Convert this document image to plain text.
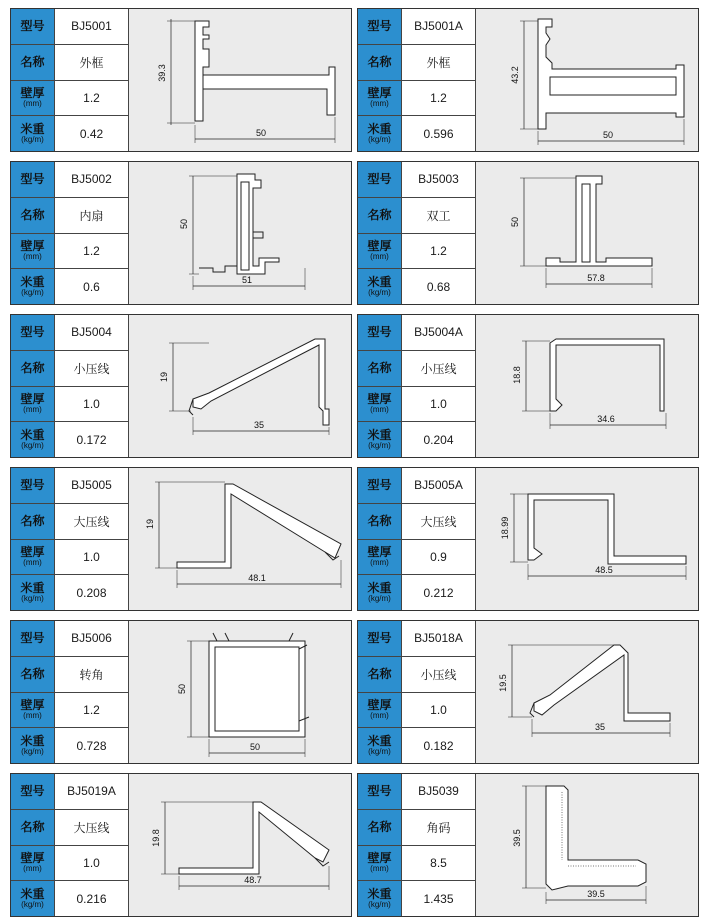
型号	BJ5001
名称	外框
壁厚
(mm)	1.2
米重
(kg/m)	0.42
39.3
50
型号	BJ5001A
名称	外框
壁厚
(mm)	1.2
米重
(kg/m)	0.596
43.2
50
型号	BJ5002
名称	内扇
壁厚
(mm)	1.2
米重
(kg/m)	0.6
50
51
型号	BJ5003
名称	双工
壁厚
(mm)	1.2
米重
(kg/m)	0.68
50
57.8
型号	BJ5004
名称	小压线
壁厚
(mm)	1.0
米重
(kg/m)	0.172
19
35
型号	BJ5004A
名称	小压线
壁厚
(mm)	1.0
米重
(kg/m)	0.204
18.8
34.6
型号	BJ5005
名称	大压线
壁厚
(mm)	1.0
米重
(kg/m)	0.208
19
48.1
型号	BJ5005A
名称	大压线
壁厚
(mm)	0.9
米重
(kg/m)	0.212
18.99
48.5
型号	BJ5006
名称	转角
壁厚
(mm)	1.2
米重
(kg/m)	0.728
50
50
型号	BJ5018A
名称	小压线
壁厚
(mm)	1.0
米重
(kg/m)	0.182
19.5
35
型号	BJ5019A
名称	大压线
壁厚
(mm)	1.0
米重
(kg/m)	0.216
19.8
48.7
型号	BJ5039
名称	角码
壁厚
(mm)	8.5
米重
(kg/m)	1.435
39.5
39.5
